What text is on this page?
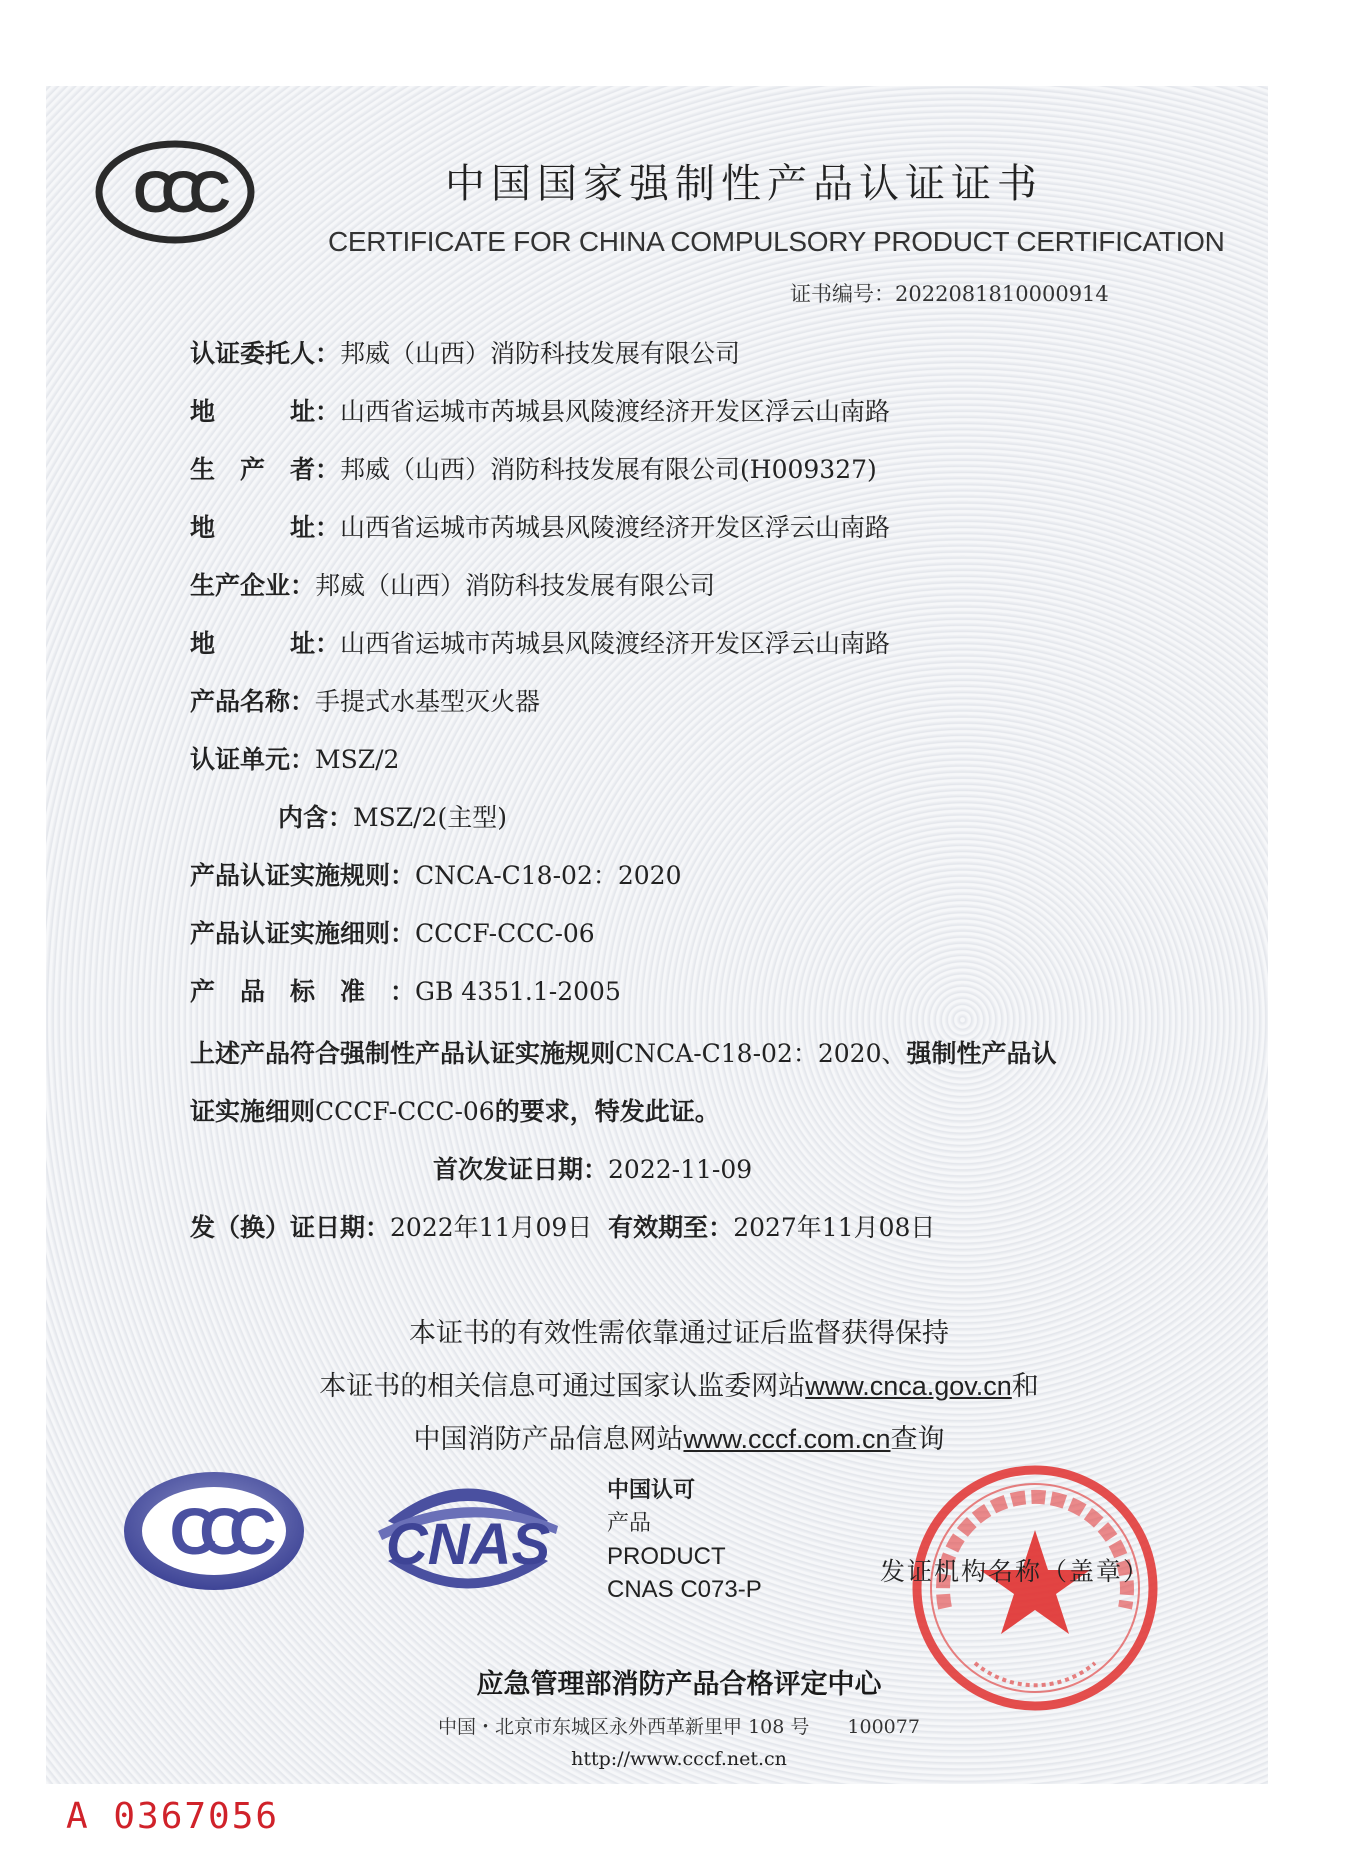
CCC	中国国家强制性产品认证证书
CERTIFICATE FOR CHINA COMPULSORY PRODUCT CERTIFICATION
证书编号：2022081810000914
认证委托人：邦威（山西）消防科技发展有限公司
地　　　址：山西省运城市芮城县风陵渡经济开发区浮云山南路
生　产　者：邦威（山西）消防科技发展有限公司(H009327)
地　　　址：山西省运城市芮城县风陵渡经济开发区浮云山南路
生产企业：邦威（山西）消防科技发展有限公司
地　　　址：山西省运城市芮城县风陵渡经济开发区浮云山南路
产品名称：手提式水基型灭火器
认证单元：MSZ/2
内含：MSZ/2(主型)
产品认证实施规则：CNCA-C18-02：2020
产品认证实施细则：CCCF-CCC-06
产　品　标　准　：GB 4351.1-2005
上述产品符合强制性产品认证实施规则CNCA-C18-02：2020、强制性产品认
证实施细则CCCF-CCC-06的要求，特发此证。
首次发证日期：2022-11-09
发（换）证日期：2022年11月09日 有效期至：2027年11月08日
本证书的有效性需依靠通过证后监督获得保持
本证书的相关信息可通过国家认监委网站www.cnca.gov.cn和
中国消防产品信息网站www.cccf.com.cn查询
CCC CNAS
中国认可
产品
PRODUCT
CNAS C073-P
发证机构名称（盖章）
应急管理部消防产品合格评定中心
中国・北京市东城区永外西革新里甲 108 号　　100077
http://www.cccf.net.cn
A 0367056
